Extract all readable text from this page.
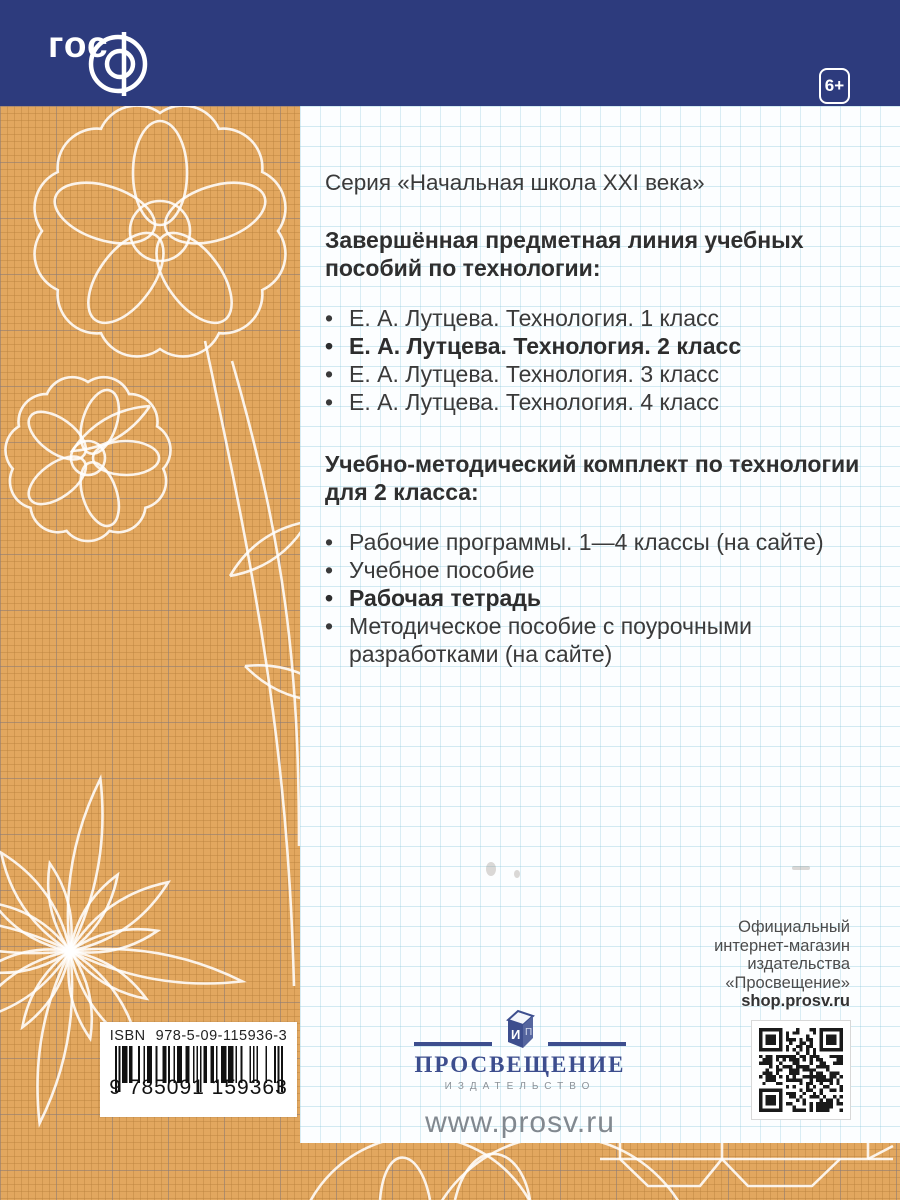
гос
6+

Серия «Начальная школа XXI века»

Завершённая предметная линия учебных пособий по технологии:

• Е. А. Лутцева. Технология. 1 класс
• Е. А. Лутцева. Технология. 2 класс
• Е. А. Лутцева. Технология. 3 класс
• Е. А. Лутцева. Технология. 4 класс

Учебно-методический комплект по технологии для 2 класса:

• Рабочие программы. 1—4 классы (на сайте)
• Учебное пособие
• Рабочая тетрадь
• Методическое пособие с поурочными разработками (на сайте)
Официальный
интернет-магазин
издательства
«Просвещение»
shop.prosv.ru
И П
ПРОСВЕЩЕНИЕ
ИЗДАТЕЛЬСТВО
www.prosv.ru
ISBN 978-5-09-115936-3
9 785091 159363
